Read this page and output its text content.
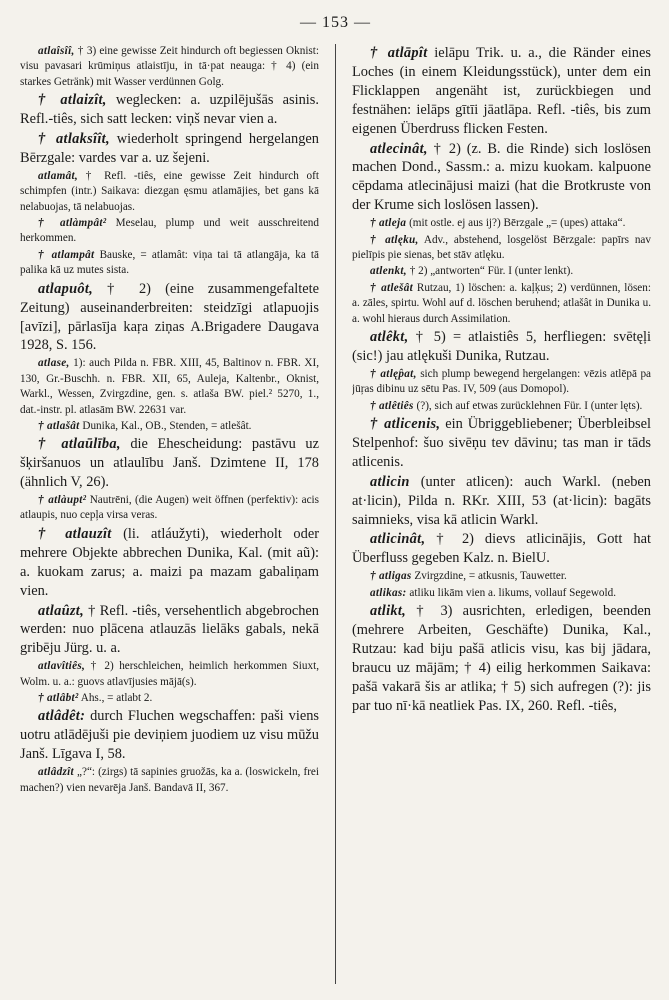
— 153 —

atlaîsîî, † 3) eine gewisse Zeit hindurch oft begiessen Oknist: visu pavasari krūmiņus atlaistīju, in tā·pat neauga: † 4) (ein starkes Getränk) mit Wasser verdünnen Golg.

† atlaizît, weglecken: a. uzpilējušās asinis. Refl.-tiês, sich satt lecken: viņš nevar vien a.

† atlaksîît, wiederholt springend hergelangen Bērzgale: vardes var a. uz šejeni.

atlamât, † Refl. -tiês, eine gewisse Zeit hindurch oft schimpfen (intr.) Saikava: diezgan ęsmu atlamājies, bet gans kā nelabuojas, tā nelabuojas.

† atlàmpât² Meselau, plump und weit ausschreitend herkommen.

† atlampât Bauske, = atlamât: viņa tai tā atlangāja, ka tā palika kā uz mutes sista.

atlapuôt, † 2) (eine zusammengefaltete Zeitung) auseinanderbreiten: steidzīgi atlapuojis [avīzi], pārlasīja kaŗa ziņas A.Brigadere Daugava 1928, S. 156.

atlase, 1): auch Pilda n. FBR. XIII, 45, Baltinov n. FBR. XI, 130, Gr.-Buschh. n. FBR. XII, 65, Auleja, Kaltenbr., Oknist, Warkl., Wessen, Zvirgzdine, gen. s. atlaša BW. piel.² 5270, 1., dat.-instr. pl. atlasām BW. 22631 var.

† atlašât Dunika, Kal., OB., Stenden, = atlešât.

† atlaūlība, die Ehescheidung: pastāvu uz šķiršanuos un atlaulību Janš. Dzimtene II, 178 (ähnlich V, 26).

† atlàupt² Nautrēni, (die Augen) weit öffnen (perfektiv): acis atlaupis, nuo cepļa virsa veras.

† atlauzît (li. atláužyti), wiederholt oder mehrere Objekte abbrechen Dunika, Kal. (mit aũ): a. kuokam zarus; a. maizi pa mazam gabaliņam vien.

atlaûzt, † Refl. -tiês, versehentlich abgebrochen werden: nuo plācena atlauzās lielāks gabals, nekā gribēju Jürg. u. a.

atlavîtiês, † 2) herschleichen, heimlich herkommen Siuxt, Wolm. u. a.: guovs atlavījusies mājā(s).

† atlâbt² Ahs., = atlabt 2.

atlâdêt: durch Fluchen wegschaffen: paši viens uotru atlādējuši pie deviņiem juodiem uz visu mūžu Janš. Līgava I, 58.

atlâdzît „?“: (zirgs) tā sapinies gruožās, ka a. (loswickeln, frei machen?) vien nevarēja Janš. Bandavā II, 367.

† atlāpît ielāpu Trik. u. a., die Ränder eines Loches (in einem Kleidungsstück), unter dem ein Flicklappen angenäht ist, zurückbiegen und festnähen: ielāps gītīi jāatlāpa. Refl. -tiês, bis zum eigenen Überdruss flicken Festen.

atlecinât, † 2) (z. B. die Rinde) sich loslösen machen Dond., Sassm.: a. mizu kuokam. kalpuone cēpdama atlecinājusi maizi (hat die Brotkruste von der Krume sich loslösen lassen).

† atleja (mit ostle. ej aus ij?) Bērzgale „= (upes) attaka“.

† atlęku, Adv., abstehend, losgelöst Bērzgale: papīrs nav pielīpis pie sienas, bet stāv atlęku.

atlenkt, † 2) „antworten“ Für. I (unter lenkt).

† atlešât Rutzau, 1) löschen: a. kaļķus; 2) verdünnen, lösen: a. zāles, spirtu. Wohl auf d. löschen beruhend; atlašât in Dunika u. a. wohl hieraus durch Assimilation.

atlêkt, † 5) = atlaistiês 5, herfliegen: svētęļi (sic!) jau atlękuši Dunika, Rutzau.

† atlęp̂at, sich plump bewegend hergelangen: vēzis atlēpā pa jūŗas dibinu uz sētu Pas. IV, 509 (aus Domopol).

† atlêtiês (?), sich auf etwas zurücklehnen Für. I (unter lęts).

† atlicenis, ein Übriggebliebener; Überbleibsel Stelpenhof: šuo sivēņu tev dāvinu; tas man ir tāds atlicenis.

atlicin (unter atlicen): auch Warkl. (neben at·licin), Pilda n. RKr. XIII, 53 (at·licin): bagāts saimnieks, visa kā atlicin Warkl.

atlicinât, † 2) dievs atlicinājis, Gott hat Überfluss gegeben Kalz. n. BielU.

† atligas Zvirgzdine, = atkusnis, Tauwetter.

atlikas: atliku likām vien a. likums, vollauf Segewold.

atlikt, † 3) ausrichten, erledigen, beenden (mehrere Arbeiten, Geschäfte) Dunika, Kal., Rutzau: kad biju pašā atlicis visu, kas bij jādara, braucu uz mājām; † 4) eilig herkommen Saikava: pašā vakarā šis ar atlika; † 5) sich aufregen (?): jis par tuo nī·kā neatliek Pas. IX, 260. Refl. -tiês,
